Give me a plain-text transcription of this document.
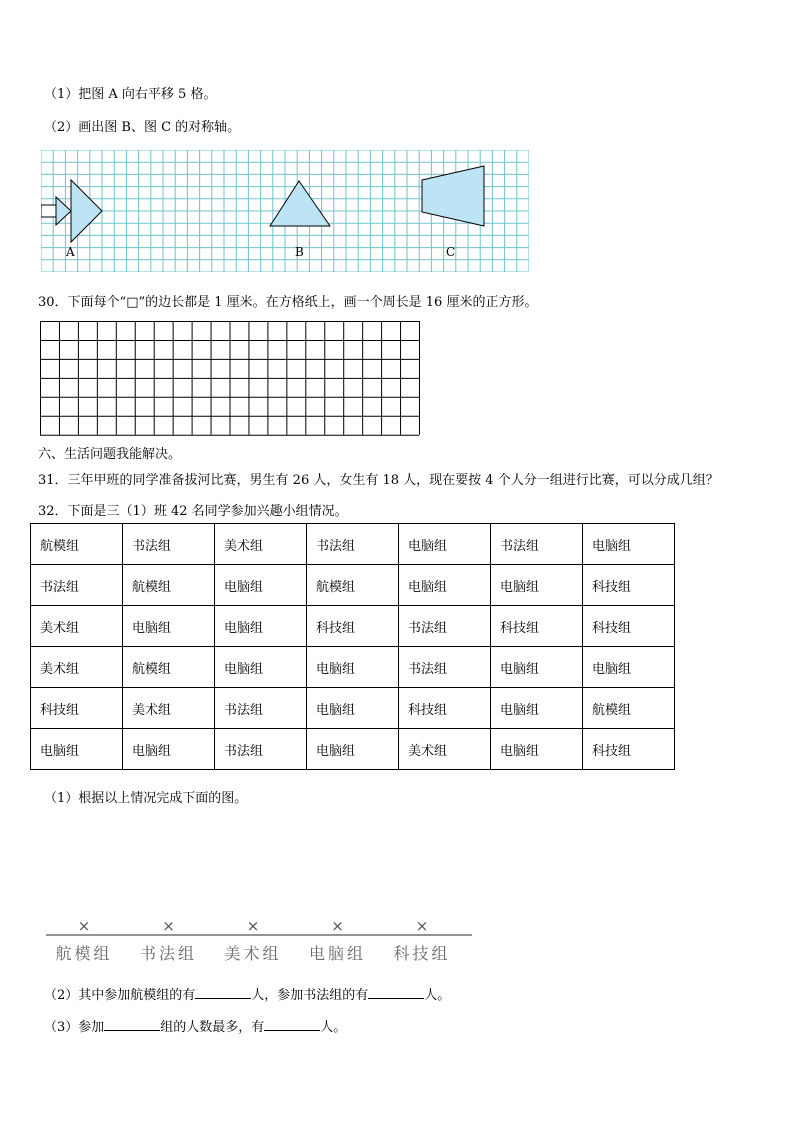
（1）把图 A 向右平移 5 格。
（2）画出图 B、图 C 的对称轴。
A	B	C
30．下面每个“□”的边长都是 1 厘米。在方格纸上，画一个周长是 16 厘米的正方形。
六、生活问题我能解决。
31．三年甲班的同学准备拔河比赛，男生有 26 人，女生有 18 人，现在要按 4 个人分一组进行比赛，可以分成几组？
32．下面是三（1）班 42 名同学参加兴趣小组情况。
航模组	书法组	美术组	书法组	电脑组	书法组	电脑组
书法组	航模组	电脑组	航模组	电脑组	电脑组	科技组
美术组	电脑组	电脑组	科技组	书法组	科技组	科技组
美术组	航模组	电脑组	电脑组	书法组	电脑组	电脑组
科技组	美术组	书法组	电脑组	科技组	电脑组	航模组
电脑组	电脑组	书法组	电脑组	美术组	电脑组	科技组
（1）根据以上情况完成下面的图。
×
航模组
×
书法组
×
美术组
×
电脑组
×
科技组
（2）其中参加航模组的有	人，参加书法组的有	人。
（3）参加	组的人数最多，有	人。
